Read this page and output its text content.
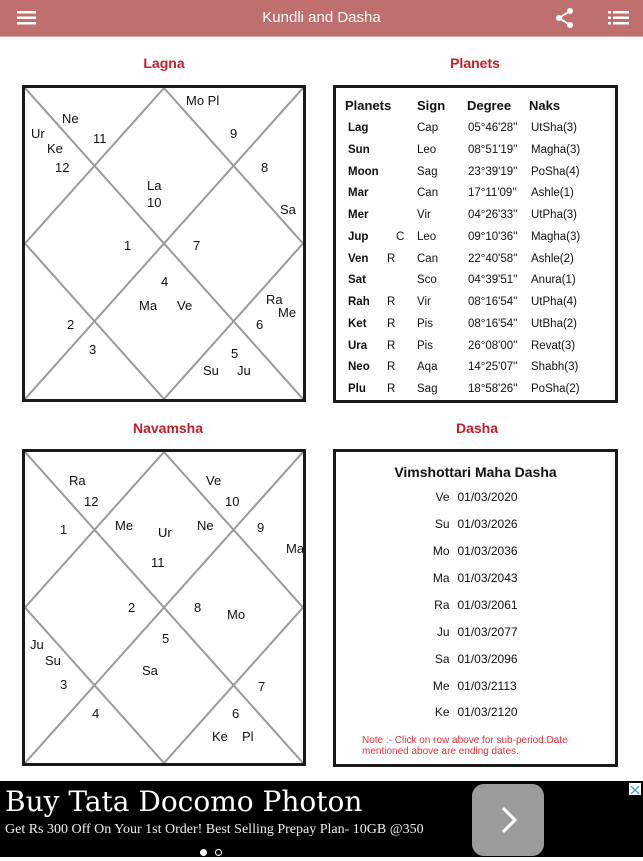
Kundli and Dasha
Lagna	Planets
Navamsha	Dasha
Mo Pl
9
Ne
Ur	11
Ke
12	8
La
10	Sa
1	7
4
Ma Ve	Ra
Me
2	6
3	5
Su Ju
Planets Sign Degree Naks
Lag	Cap	05°46'28'' UtSha(3)
Sun	Leo	08°51'19'' Magha(3)
Moon	Sag	23°39'19'' PoSha(4)
Mar	Can	17°11'09'' Ashle(1)
Mer	Vir	04°26'33'' UtPha(3)
Jup C Leo	09°10'36'' Magha(3)
Ven R Can	22°40'58'' Ashle(2)
Sat	Sco	04°39'51'' Anura(1)
Rah R Vir	08°16'54'' UtPha(4)
Ket R Pis	08°16'54'' UtBha(2)
Ura R Pis	26°08'00'' Revat(3)
Neo R Aqa	14°25'07'' Shabh(3)
Plu R Sag	18°58'26'' PoSha(2)
Ra	Ve
12	10
1	Me Ur Ne	9
Ma
11
2	8 Mo
5
Ju
Su
Sa
3	7
4	6
Ke Pl
Vimshottari Maha Dasha
Ve 01/03/2020
Su 01/03/2026
Mo 01/03/2036
Ma 01/03/2043
Ra 01/03/2061
Ju 01/03/2077
Sa 01/03/2096
Me 01/03/2113
Ke 01/03/2120
Note :- Click on row above for sub-period.Date mentioned above are ending dates.
Buy Tata Docomo Photon
Get Rs 300 Off On Your 1st Order! Best Selling Prepay Plan- 10GB @350
